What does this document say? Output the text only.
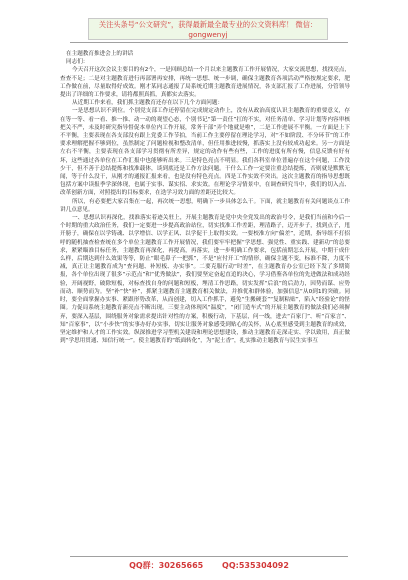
关注头条号“公文研究”，获得最新最全最专业的公文资料库！ 微信：gongwenyj

在主题教育推进会上的讲话

同志们：

今天召开这次会议主要目的有2个，一是回顾总结一个月以来主题教育工作开展情况，大家交流思想，找找亮点，查查不足；二是对主题教育进行再部署再安排，再统一思想、统一步调，确保主题教育各项活动严格按规定要求，肥工作做在前，尽量取得好成效。刚才某同志通报了局系统近期主题教育进展情况，各支部汇报了工作进展，分管领导提出了详细的工作要求，请将都照真抓，真都实去落实。

从近期工作来看，我们抓主题教育还存在以下几个方面问题：

一是思想认识不到位。个别党支部工作还停留在完成规定动作上，没有从政治高度认识主题教育的重要意义，存在等一等、看一看、推一推、动一动的观望心态，个别书记“第一责任”扛的不实，对任务清单、学习计划等内容审核把关不严，未及时研究指导督促本单位内工作开展，常务干部“弄个地就是啦”，二是工作进展不平衡。一方面是上下不平衡，主要表现在各支部没有跟上党委工作节拍，当前工作主要停留在理论学习，对“不如阶段、不分环节”的工作要求理解把握不够到位，虽然制定了问题检视和整改清单，但任用推进较慢，抓落实上没有较成功起来。另一方面是左右不平衡，主要表现在各支部学习贯彻有所差异，规定的动作有些有些，工作的进度有所有慢，信息反馈有好有坏，这些通过各单位在工作汇报中也能够听出来。三是特色亮点不明显。我们各科室单位普遍存在这个问题，工作没少干，但不善于总结提炼和找准载体，谈到底还是工作方法问题。干什么工作一定要注重总结提炼，否则就是默默无闻，等于什么没干，从刚才的通报汇报来看，也是没有特色亮点。四是工作实效不突出。这次主题教育的指导思想既包括方案中读报季学深体现，也属于实事、谋实招、求实效。在理论学习情景中，在调查研究当中，我们的切入点、改革创新方面，对照提出的目标要求，在迭学习效力面的差距还比较大。

所以，有必要把大家召集在一起，再次统一思想，明确下一步具体怎么干。下面，就主题教育有关问题谈点工作讲几点意见。

一、思想认识再深化，找准落实着迹关驻上，开展主题教育是党中央全党发出的政治号令，是我们当前和今后一个时期的重大政治任务，我们一定要进一步提高政治站位，切实找准工作差距，理清路子，迈开步子，找到点子，甩开膀子，确保在以学铸魂、以学增信、以学正风、以学促干上取得实效。一要校准方向“偏差”，近期，指导组不打招呼的随机抽查检查统在多个单位主题教育工作开展情况，我们要牢牢把握“学思想、强党性、重实践、建新功”的总要求，紧紧瞄准目标任务，主题教育再深化，再提高，再落实，进一步明确工作要求，包括前期怎么开展，中期干成什么样，后期达到什么效果等等，防止“眼毛鼻子一把抓”，不是“应付开工”的情形，确保主题不变，标准不降，力度不减，真正让主题教育成为“查问题、补短板、办实事”。二要克服行动“时差”，在主题教育办公室已经下发了多期简报，各个单位出现了很多“示范点”和“优秀做法”，我们要坚定奋起直追的决心，学习借鉴各单位的先进做法和成功经验，开阔视野，破除短板，对标查找自身的问题和短板，埋清工作思路，切实发挥“后浪”的后劲力，因势而谋、应势而动、顺势而为。坚“补”快“补”，抓紧主题教育主题教育相关做法，并推优和群体验，加强信息“从0到1的突破。同时，要全面掌握办实事、紧跟形势改革，从而创建，切入工作抓手，避免“生搬硬套”“复制粘贴”，陷入“经验论”的怪圈。力促局系统主题教育新亮点不断出现。三要主动体现风“温度”，“闭门造车式”的开展主题教育的做法我们必须摒弃，要深入基层，围绕服务对象需求提出针对性的方案，积极行动，下基层，问一线，进去“百家门”、听“百家言”、知“百家事”，以“小步快”的实事办好办实事，切实让服务对象感受到贴心的关怀，从心底里感受到主题教育的成效，坚定维护和人才的工作实效。纵深推进学习型机关建设和理论思想建设，推动主题教育走深走实、学以致用，真正做到“学思用贯通、知信行统一”。使主题教育的“纸面转化”，为“泥土香”，扎实推动主题教育与民生实事互

QQ群：30265665 QQ:535304092
